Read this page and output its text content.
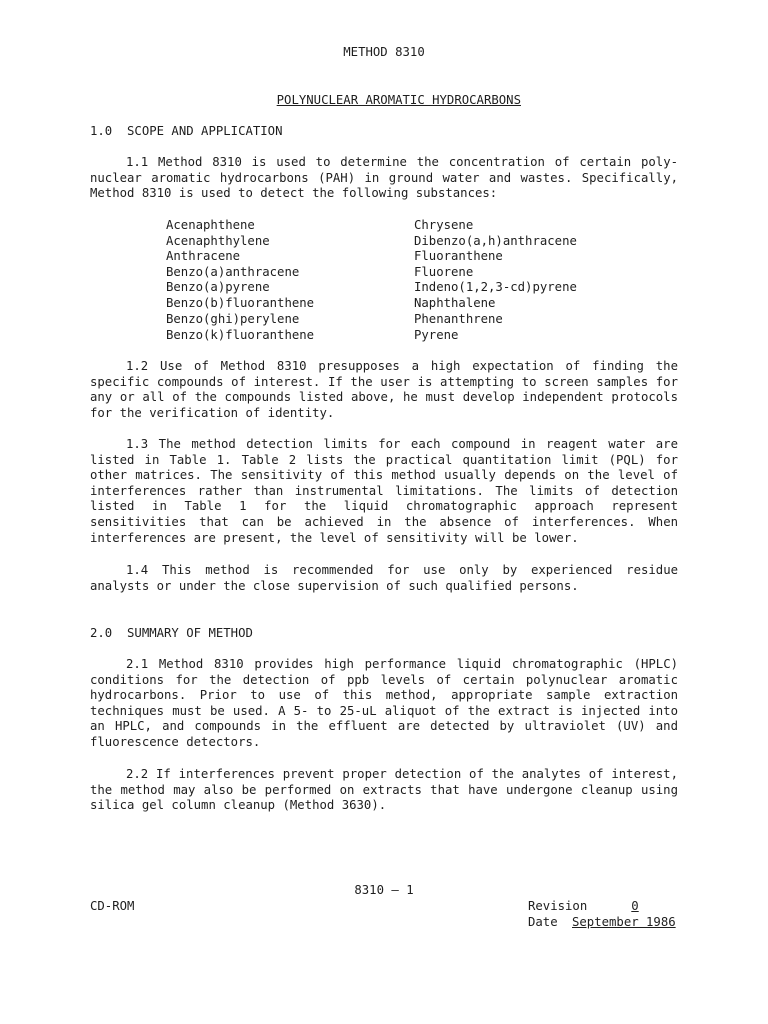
METHOD 8310

POLYNUCLEAR AROMATIC HYDROCARBONS

1.0  SCOPE AND APPLICATION
1.1 Method 8310 is used to determine the concentration of certain poly- nuclear aromatic hydrocarbons (PAH) in ground water and wastes. Specifically, Method 8310 is used to detect the following substances:
Acenaphthene
Acenaphthylene
Anthracene
Benzo(a)anthracene
Benzo(a)pyrene
Benzo(b)fluoranthene
Benzo(ghi)perylene
Benzo(k)fluoranthene
Chrysene
Dibenzo(a,h)anthracene
Fluoranthene
Fluorene
Indeno(1,2,3-cd)pyrene
Naphthalene
Phenanthrene
Pyrene
1.2 Use of Method 8310 presupposes a high expectation of finding the specific compounds of interest. If the user is attempting to screen samples for any or all of the compounds listed above, he must develop independent protocols for the verification of identity.
1.3 The method detection limits for each compound in reagent water are listed in Table 1. Table 2 lists the practical quantitation limit (PQL) for other matrices. The sensitivity of this method usually depends on the level of interferences rather than instrumental limitations. The limits of detection listed in Table 1 for the liquid chromatographic approach represent sensitivities that can be achieved in the absence of interferences. When interferences are present, the level of sensitivity will be lower.
1.4 This method is recommended for use only by experienced residue analysts or under the close supervision of such qualified persons.
2.0  SUMMARY OF METHOD
2.1 Method 8310 provides high performance liquid chromatographic (HPLC) conditions for the detection of ppb levels of certain polynuclear aromatic hydrocarbons. Prior to use of this method, appropriate sample extraction techniques must be used. A 5- to 25-uL aliquot of the extract is injected into an HPLC, and compounds in the effluent are detected by ultraviolet (UV) and fluorescence detectors.
2.2 If interferences prevent proper detection of the analytes of interest, the method may also be performed on extracts that have undergone cleanup using silica gel column cleanup (Method 3630).
8310 — 1
CD-ROM	Revision	0
Date September 1986
